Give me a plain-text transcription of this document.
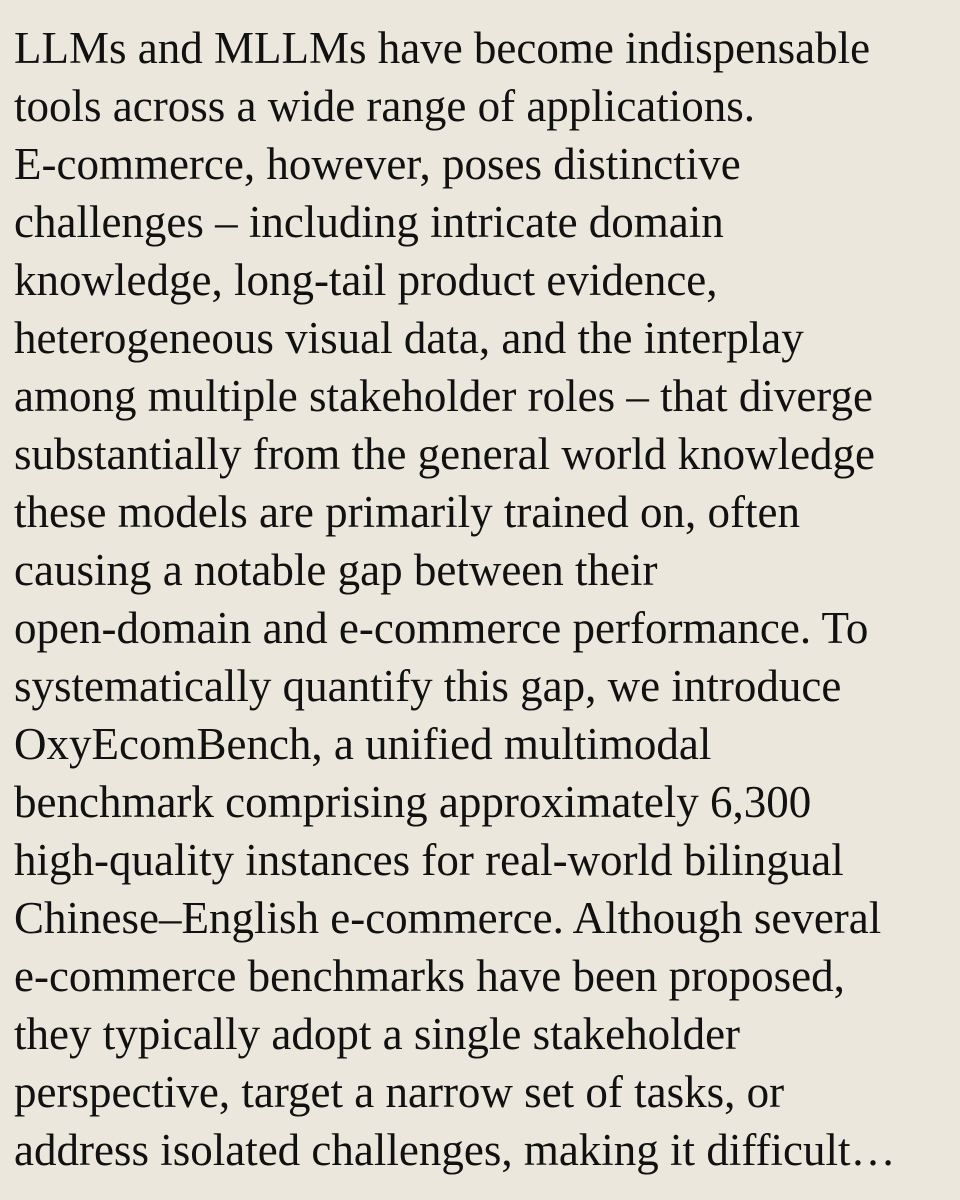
LLMs and MLLMs have become indispensable

tools across a wide range of applications.

E-commerce, however, poses distinctive

challenges – including intricate domain

knowledge, long-tail product evidence,

heterogeneous visual data, and the interplay

among multiple stakeholder roles – that diverge

substantially from the general world knowledge

these models are primarily trained on, often

causing a notable gap between their

open-domain and e-commerce performance. To

systematically quantify this gap, we introduce

OxyEcomBench, a unified multimodal

benchmark comprising approximately 6,300

high-quality instances for real-world bilingual

Chinese–English e-commerce. Although several

e-commerce benchmarks have been proposed,

they typically adopt a single stakeholder

perspective, target a narrow set of tasks, or

address isolated challenges, making it difficult…
